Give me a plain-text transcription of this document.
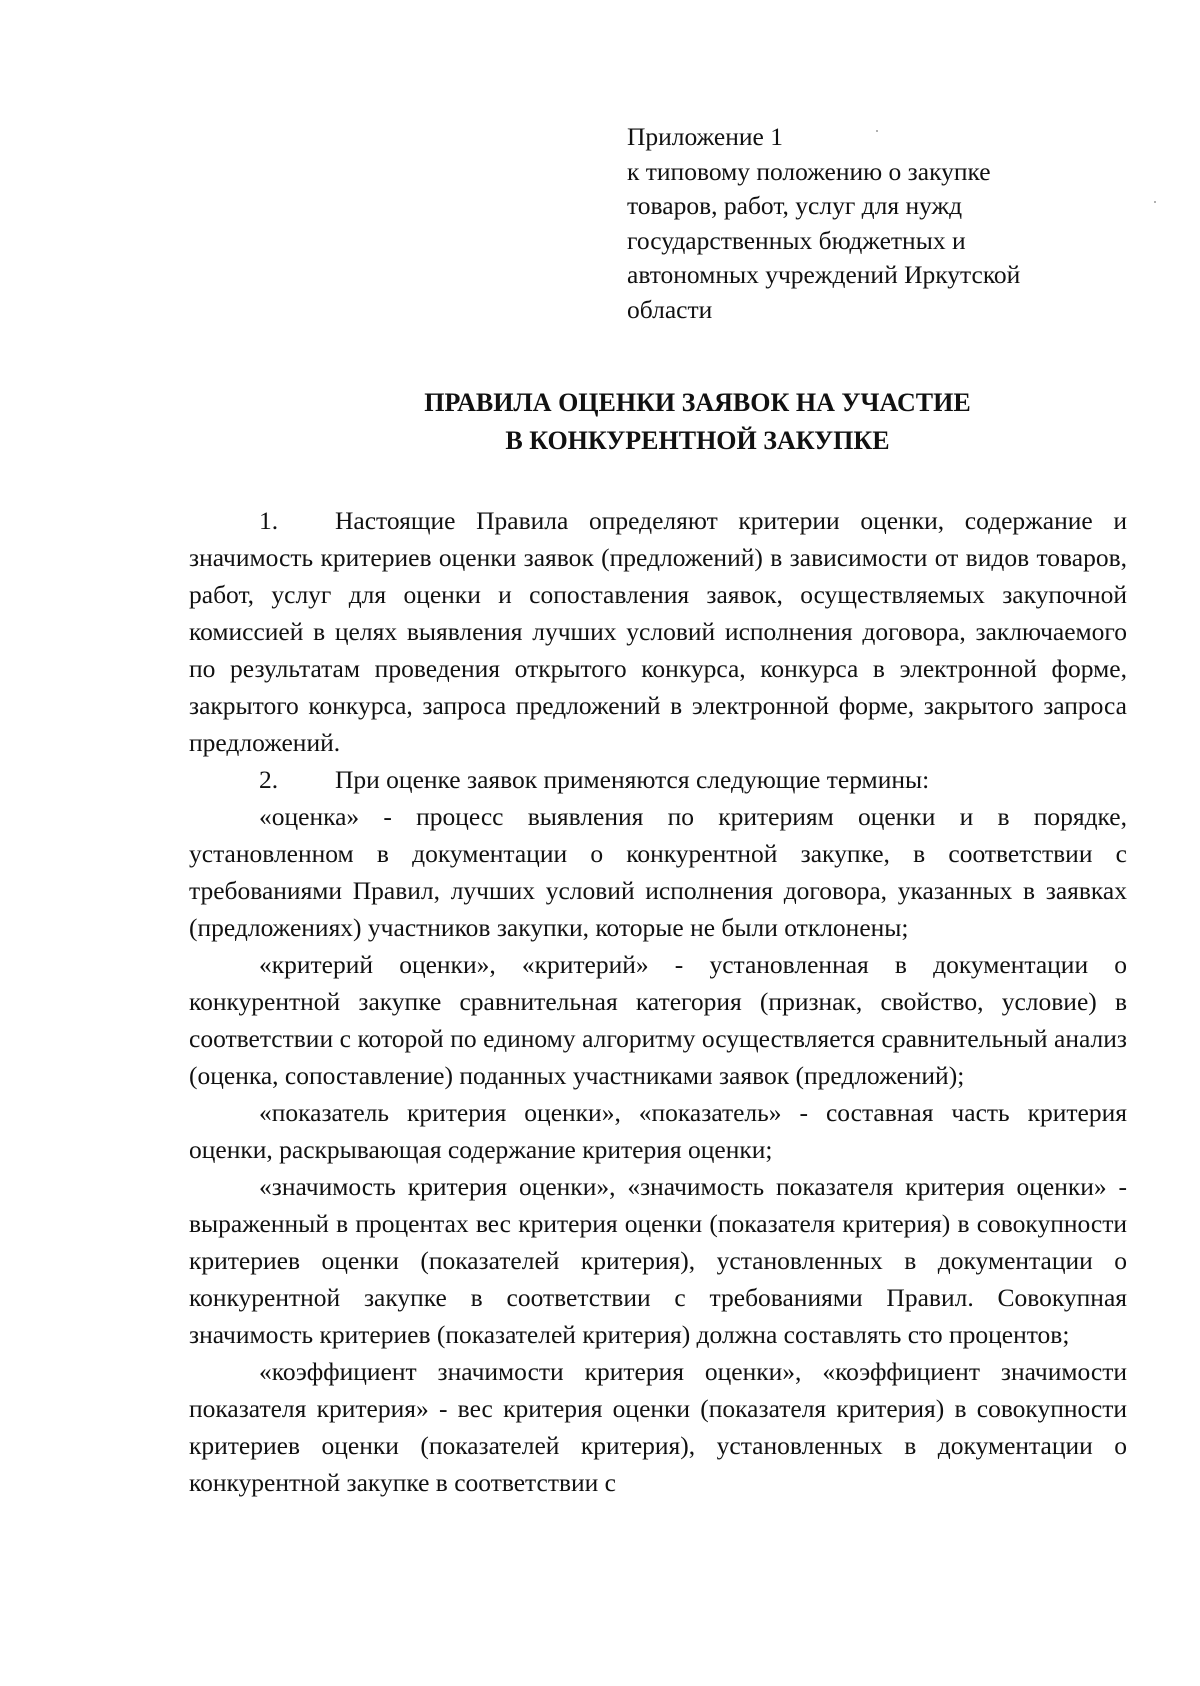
Приложение 1
к типовому положению о закупке
товаров, работ, услуг для нужд
государственных бюджетных и
автономных учреждений Иркутской
области
ПРАВИЛА ОЦЕНКИ ЗАЯВОК НА УЧАСТИЕ
В КОНКУРЕНТНОЙ ЗАКУПКЕ

1. Настоящие Правила определяют критерии оценки, содержание и значимость критериев оценки заявок (предложений) в зависимости от видов товаров, работ, услуг для оценки и сопоставления заявок, осуществляемых закупочной комиссией в целях выявления лучших условий исполнения договора, заключаемого по результатам проведения открытого конкурса, конкурса в электронной форме, закрытого конкурса, запроса предложений в электронной форме, закрытого запроса предложений.

2. При оценке заявок применяются следующие термины:

«оценка» - процесс выявления по критериям оценки и в порядке, установленном в документации о конкурентной закупке, в соответствии с требованиями Правил, лучших условий исполнения договора, указанных в заявках (предложениях) участников закупки, которые не были отклонены;

«критерий оценки», «критерий» - установленная в документации о конкурентной закупке сравнительная категория (признак, свойство, условие) в соответствии с которой по единому алгоритму осуществляется сравнительный анализ (оценка, сопоставление) поданных участниками заявок (предложений);

«показатель критерия оценки», «показатель» - составная часть критерия оценки, раскрывающая содержание критерия оценки;

«значимость критерия оценки», «значимость показателя критерия оценки» - выраженный в процентах вес критерия оценки (показателя критерия) в совокупности критериев оценки (показателей критерия), установленных в документации о конкурентной закупке в соответствии с требованиями Правил. Совокупная значимость критериев (показателей критерия) должна составлять сто процентов;

«коэффициент значимости критерия оценки», «коэффициент значимости показателя критерия» - вес критерия оценки (показателя критерия) в совокупности критериев оценки (показателей критерия), установленных в документации о конкурентной закупке в соответствии с
